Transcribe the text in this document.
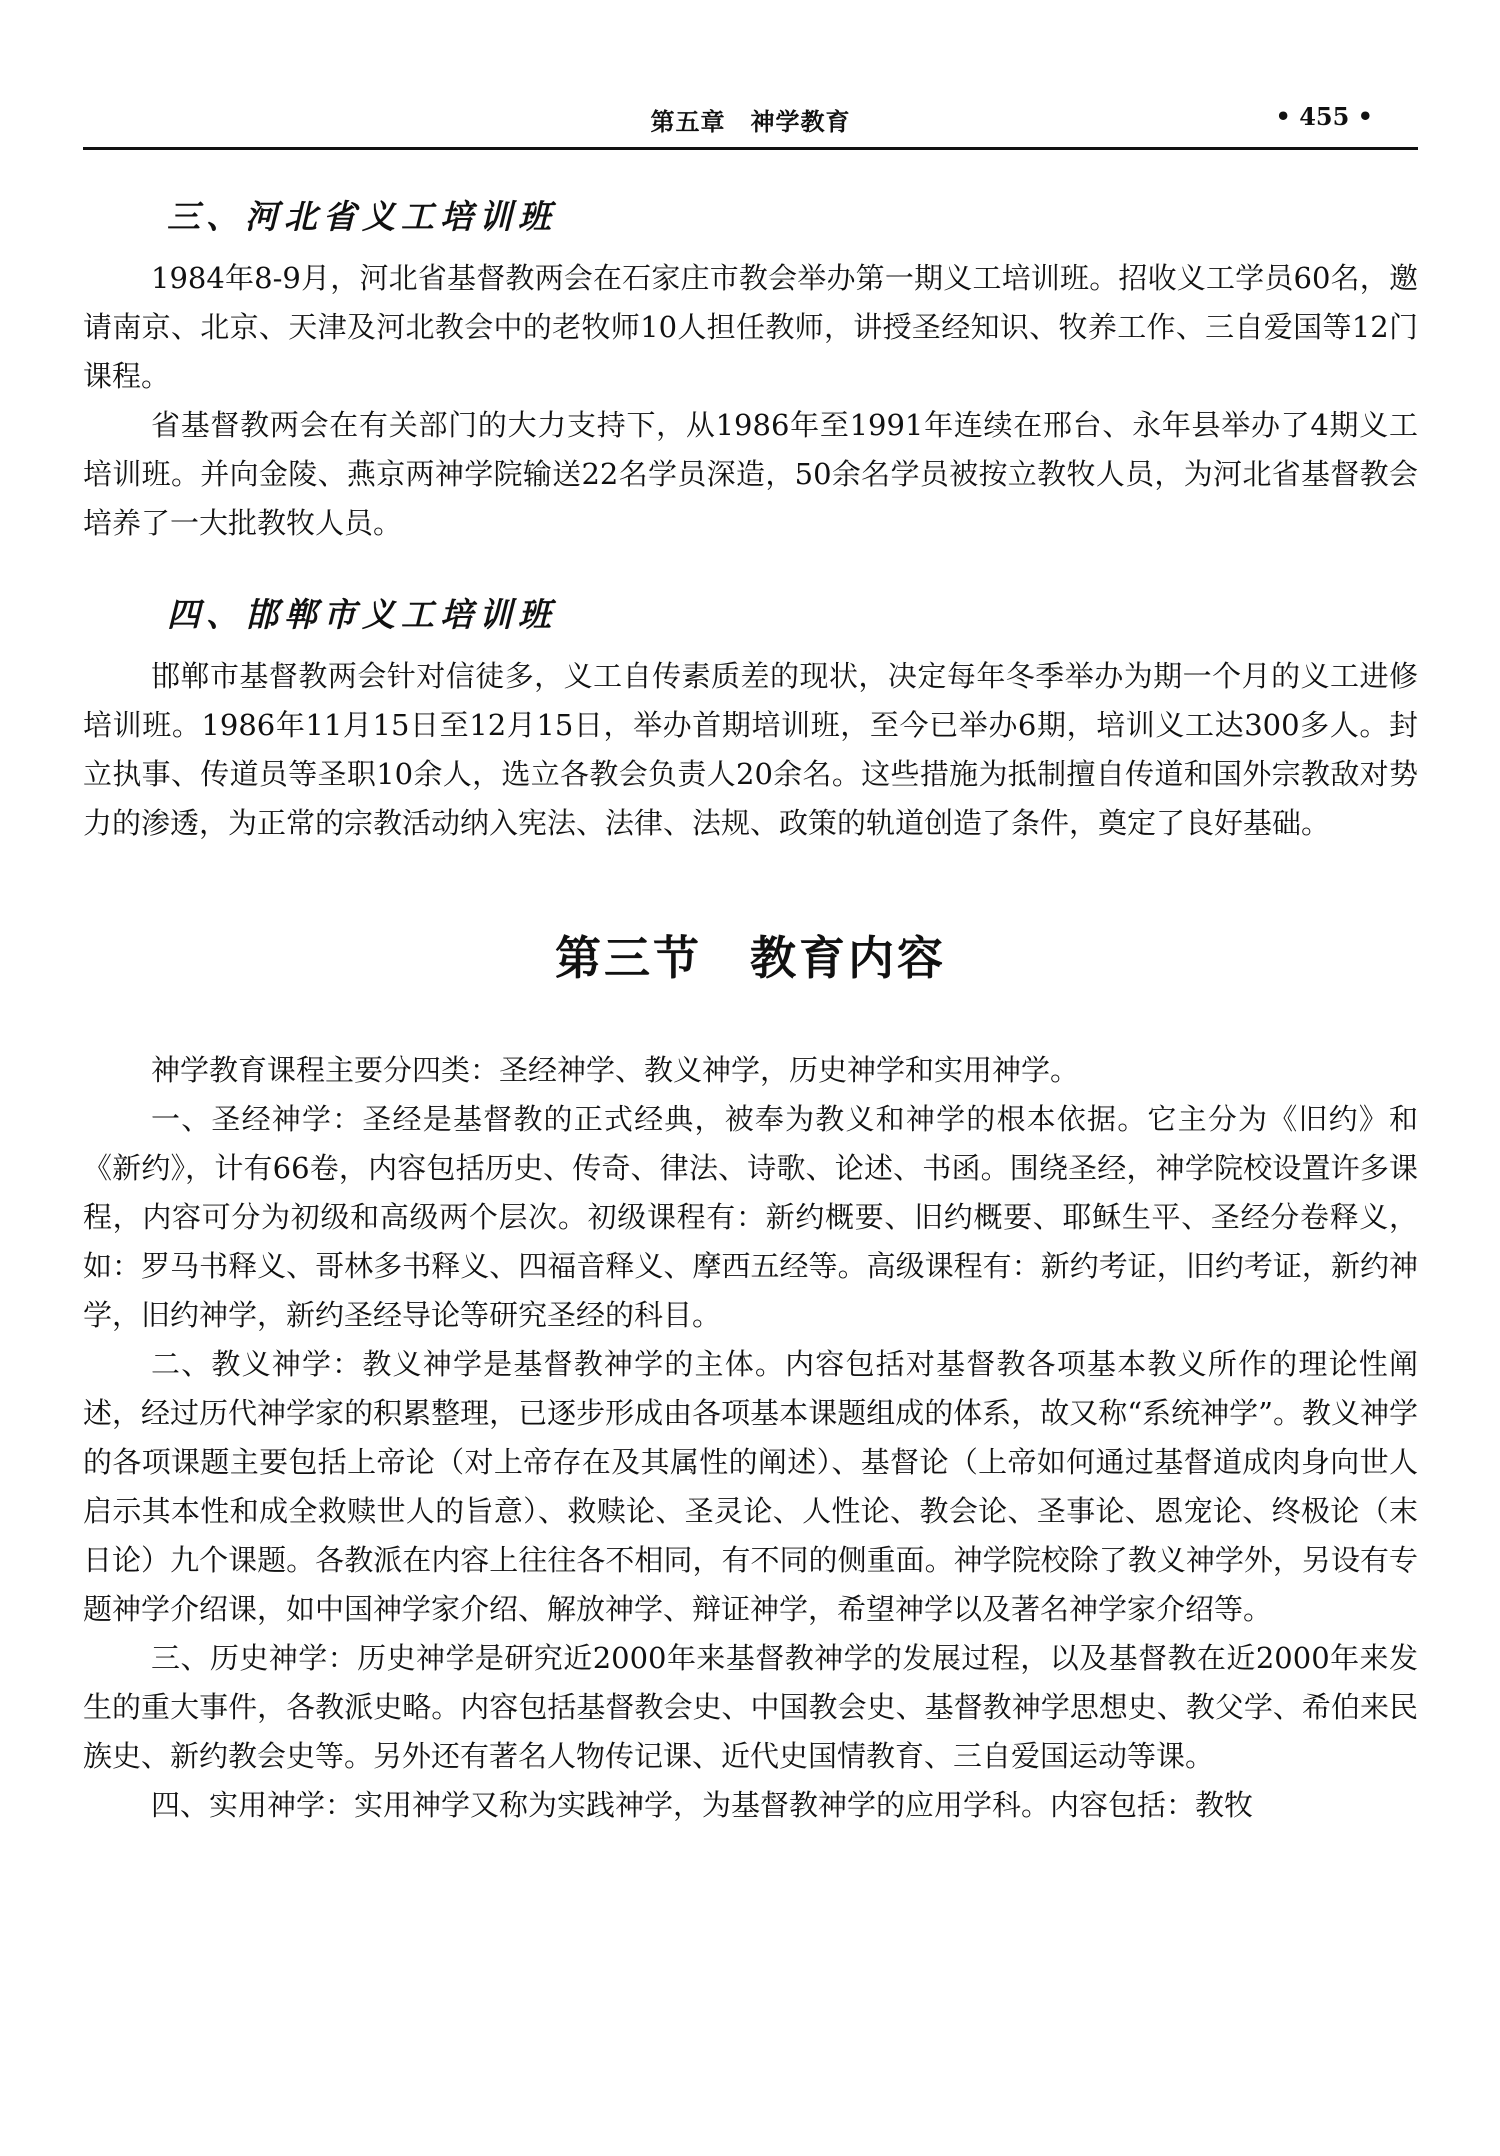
第五章　神学教育	• 455 •
三、河北省义工培训班

1984年8-9月，河北省基督教两会在石家庄市教会举办第一期义工培训班。招收义工学员60名，邀请南京、北京、天津及河北教会中的老牧师10人担任教师，讲授圣经知识、牧养工作、三自爱国等12门课程。

省基督教两会在有关部门的大力支持下，从1986年至1991年连续在邢台、永年县举办了4期义工培训班。并向金陵、燕京两神学院输送22名学员深造，50余名学员被按立教牧人员，为河北省基督教会培养了一大批教牧人员。

四、邯郸市义工培训班

邯郸市基督教两会针对信徒多，义工自传素质差的现状，决定每年冬季举办为期一个月的义工进修培训班。1986年11月15日至12月15日，举办首期培训班，至今已举办6期，培训义工达300多人。封立执事、传道员等圣职10余人，选立各教会负责人20余名。这些措施为抵制擅自传道和国外宗教敌对势力的渗透，为正常的宗教活动纳入宪法、法律、法规、政策的轨道创造了条件，奠定了良好基础。

第三节 教育内容

神学教育课程主要分四类：圣经神学、教义神学，历史神学和实用神学。

一、圣经神学：圣经是基督教的正式经典，被奉为教义和神学的根本依据。它主分为《旧约》和《新约》，计有66卷，内容包括历史、传奇、律法、诗歌、论述、书函。围绕圣经，神学院校设置许多课程，内容可分为初级和高级两个层次。初级课程有：新约概要、旧约概要、耶稣生平、圣经分卷释义，如：罗马书释义、哥林多书释义、四福音释义、摩西五经等。高级课程有：新约考证，旧约考证，新约神学，旧约神学，新约圣经导论等研究圣经的科目。

二、教义神学：教义神学是基督教神学的主体。内容包括对基督教各项基本教义所作的理论性阐述，经过历代神学家的积累整理，已逐步形成由各项基本课题组成的体系，故又称“系统神学”。教义神学的各项课题主要包括上帝论（对上帝存在及其属性的阐述）、基督论（上帝如何通过基督道成肉身向世人启示其本性和成全救赎世人的旨意）、救赎论、圣灵论、人性论、教会论、圣事论、恩宠论、终极论（末日论）九个课题。各教派在内容上往往各不相同，有不同的侧重面。神学院校除了教义神学外，另设有专题神学介绍课，如中国神学家介绍、解放神学、辩证神学，希望神学以及著名神学家介绍等。

三、历史神学：历史神学是研究近2000年来基督教神学的发展过程，以及基督教在近2000年来发生的重大事件，各教派史略。内容包括基督教会史、中国教会史、基督教神学思想史、教父学、希伯来民族史、新约教会史等。另外还有著名人物传记课、近代史国情教育、三自爱国运动等课。

四、实用神学：实用神学又称为实践神学，为基督教神学的应用学科。内容包括：教牧
